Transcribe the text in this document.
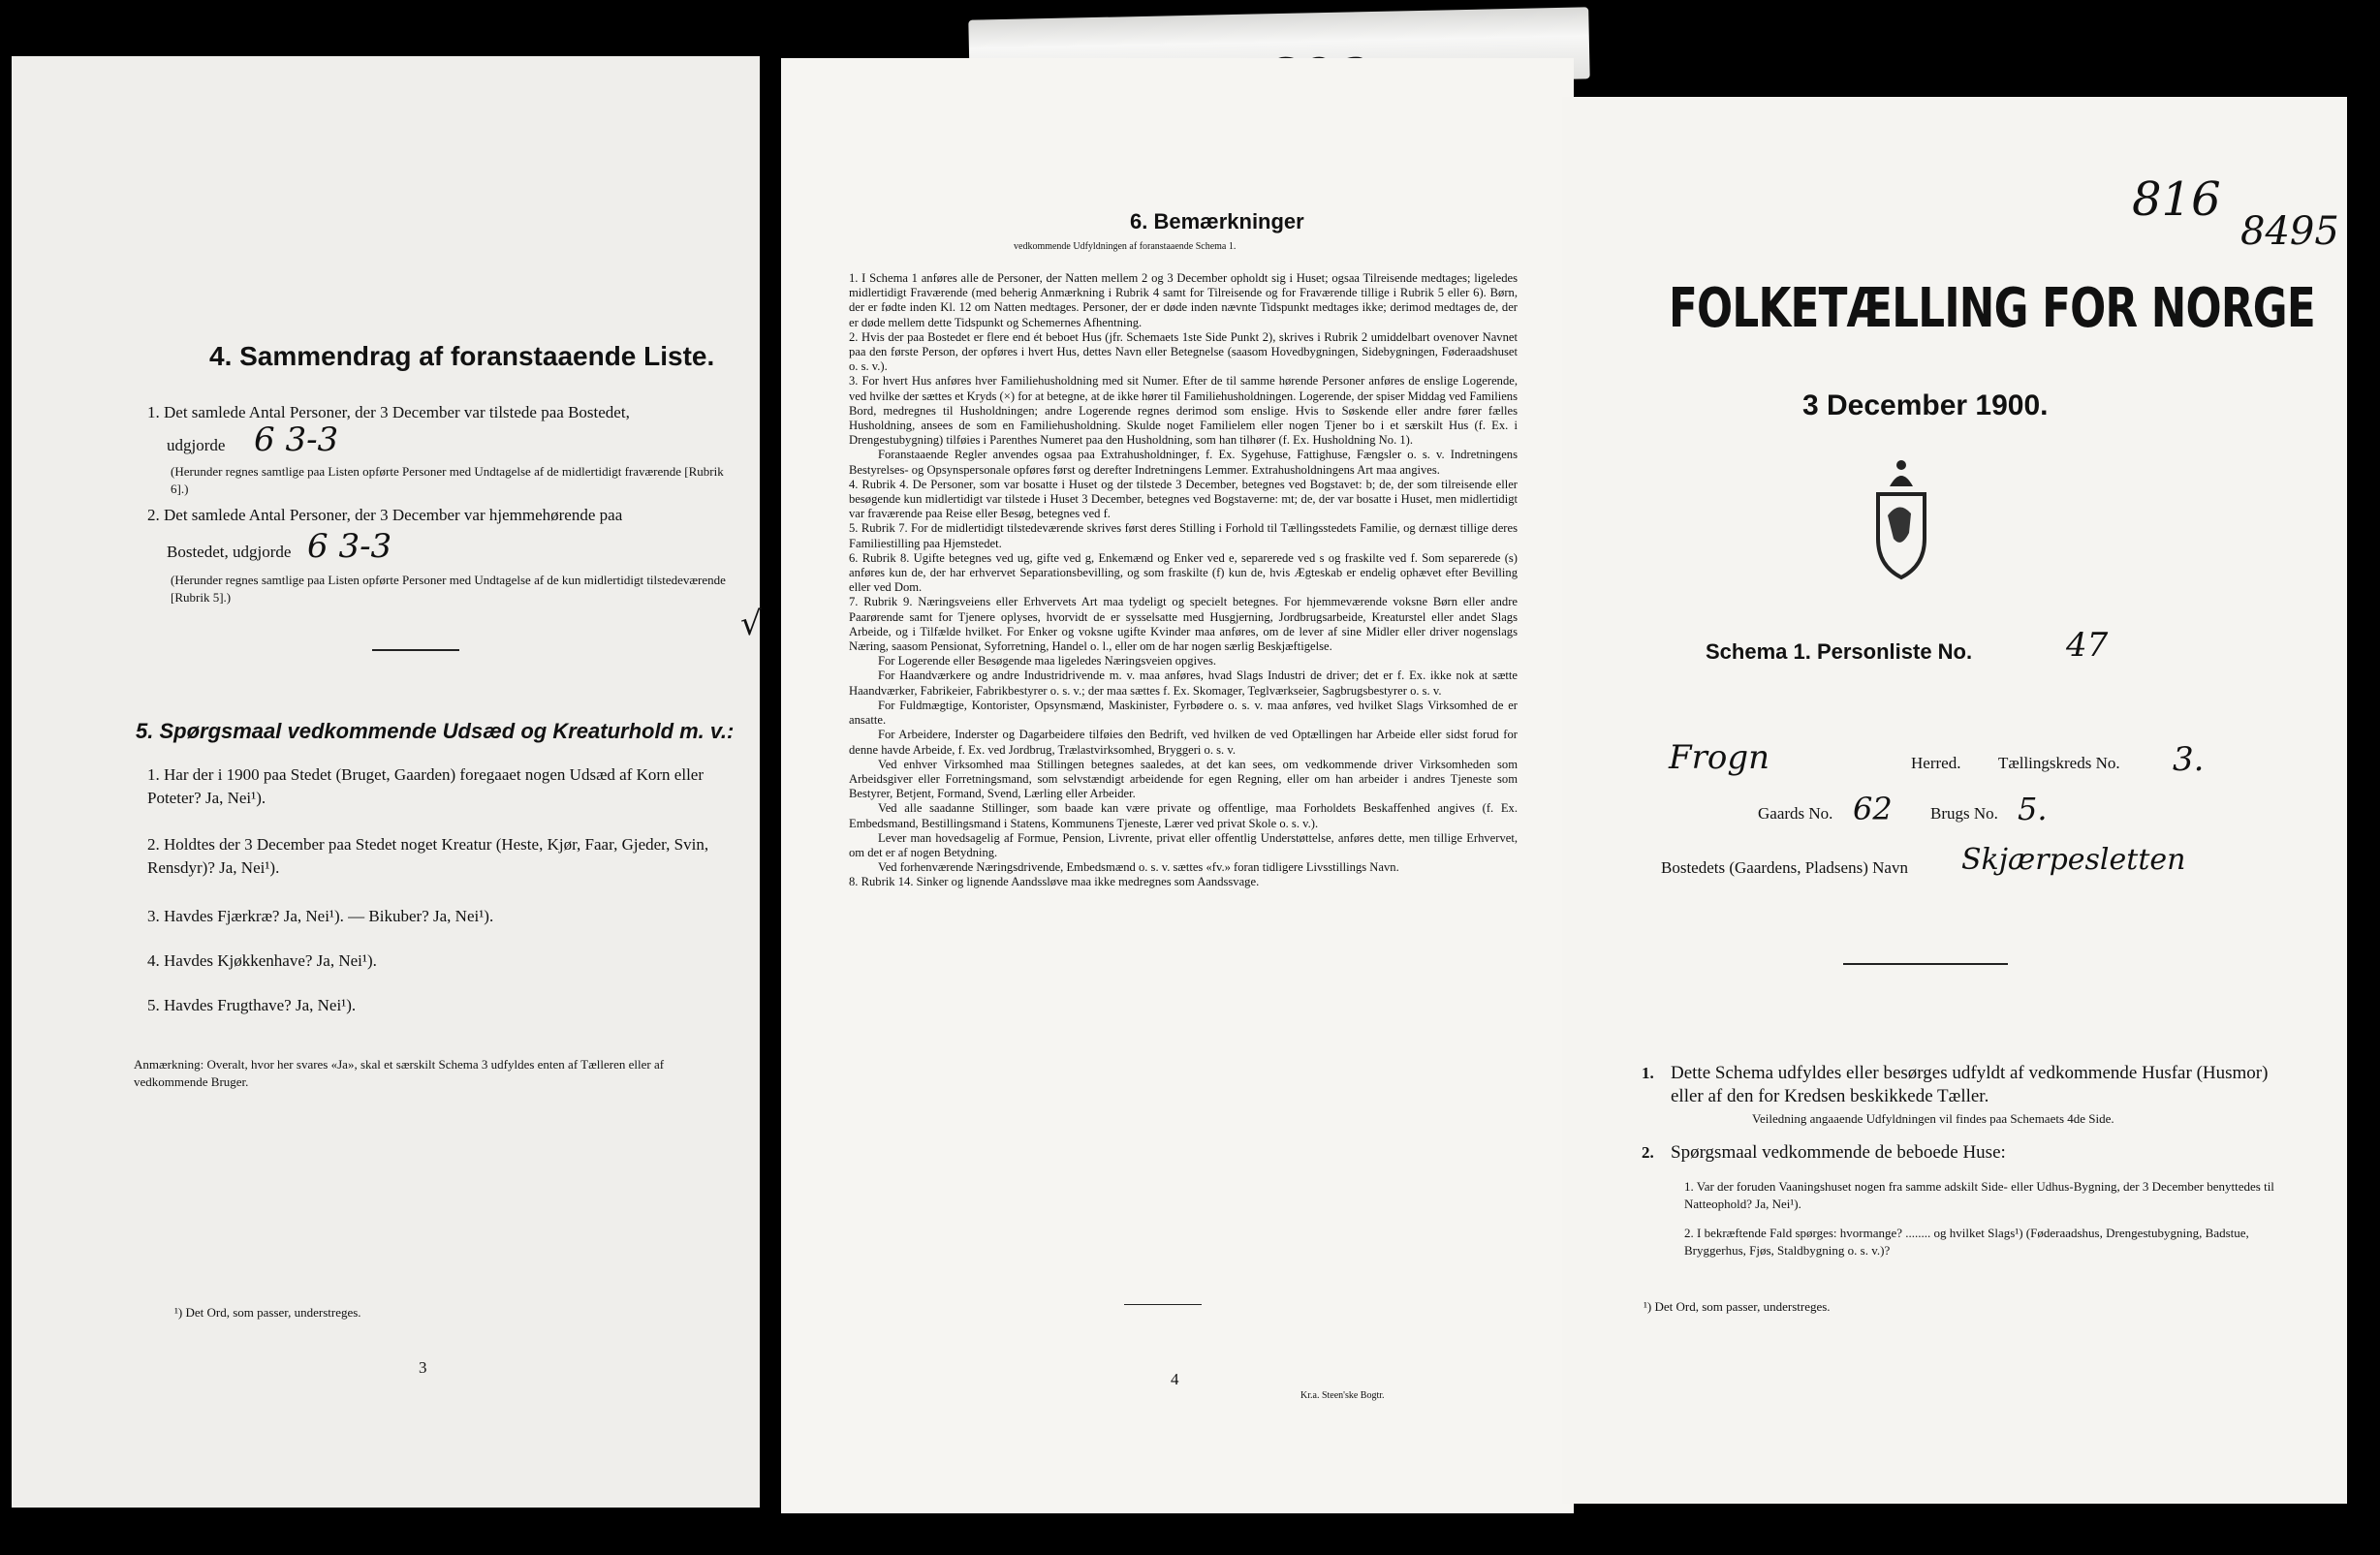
4. Sammendrag af foranstaaende Liste.
1. Det samlede Antal Personer, der 3 December var tilstede paa Bostedet,
udgjorde 6 3-3
(Herunder regnes samtlige paa Listen opførte Personer med Undtagelse af de midlertidigt fraværende [Rubrik 6].)
2. Det samlede Antal Personer, der 3 December var hjemmehørende paa
Bostedet, udgjorde 6 3-3
(Herunder regnes samtlige paa Listen opførte Personer med Undtagelse af de kun midlertidigt tilstedeværende [Rubrik 5].)
√
5. Spørgsmaal vedkommende Udsæd og Kreaturhold m. v.:
1. Har der i 1900 paa Stedet (Bruget, Gaarden) foregaaet nogen Udsæd af Korn eller Poteter? Ja, Nei¹).
2. Holdtes der 3 December paa Stedet noget Kreatur (Heste, Kjør, Faar, Gjeder, Svin, Rensdyr)? Ja, Nei¹).
3. Havdes Fjærkræ? Ja, Nei¹). — Bikuber? Ja, Nei¹).
4. Havdes Kjøkkenhave? Ja, Nei¹).
5. Havdes Frugthave? Ja, Nei¹).
Anmærkning: Overalt, hvor her svares «Ja», skal et særskilt Schema 3 udfyldes enten af Tælleren eller af vedkommende Bruger.
¹) Det Ord, som passer, understreges.
3
6. Bemærkninger
vedkommende Udfyldningen af foranstaaende Schema 1.
1. I Schema 1 anføres alle de Personer, der Natten mellem 2 og 3 December opholdt sig i Huset; ogsaa Tilreisende medtages; ligeledes midlertidigt Fraværende (med beherig Anmærkning i Rubrik 4 samt for Tilreisende og for Fraværende tillige i Rubrik 5 eller 6). Børn, der er fødte inden Kl. 12 om Natten medtages. Personer, der er døde inden nævnte Tidspunkt medtages ikke; derimod medtages de, der er døde mellem dette Tidspunkt og Schemernes Afhentning.
2. Hvis der paa Bostedet er flere end ét beboet Hus (jfr. Schemaets 1ste Side Punkt 2), skrives i Rubrik 2 umiddelbart ovenover Navnet paa den første Person, der opføres i hvert Hus, dettes Navn eller Betegnelse (saasom Hovedbygningen, Sidebygningen, Føderaadshuset o. s. v.).
3. For hvert Hus anføres hver Familiehusholdning med sit Numer. Efter de til samme hørende Personer anføres de enslige Logerende, ved hvilke der sættes et Kryds (×) for at betegne, at de ikke hører til Familiehusholdningen. Logerende, der spiser Middag ved Familiens Bord, medregnes til Husholdningen; andre Logerende regnes derimod som enslige. Hvis to Søskende eller andre fører fælles Husholdning, ansees de som en Familiehusholdning. Skulde noget Familielem eller nogen Tjener bo i et særskilt Hus (f. Ex. i Drengestubygning) tilføies i Parenthes Numeret paa den Husholdning, som han tilhører (f. Ex. Husholdning No. 1).
Foranstaaende Regler anvendes ogsaa paa Extrahusholdninger, f. Ex. Sygehuse, Fattighuse, Fængsler o. s. v. Indretningens Bestyrelses- og Opsynspersonale opføres først og derefter Indretningens Lemmer. Extrahusholdningens Art maa angives.
4. Rubrik 4. De Personer, som var bosatte i Huset og der tilstede 3 December, betegnes ved Bogstavet: b; de, der som tilreisende eller besøgende kun midlertidigt var tilstede i Huset 3 December, betegnes ved Bogstaverne: mt; de, der var bosatte i Huset, men midlertidigt var fraværende paa Reise eller Besøg, betegnes ved f.
5. Rubrik 7. For de midlertidigt tilstedeværende skrives først deres Stilling i Forhold til Tællingsstedets Familie, og dernæst tillige deres Familiestilling paa Hjemstedet.
6. Rubrik 8. Ugifte betegnes ved ug, gifte ved g, Enkemænd og Enker ved e, separerede ved s og fraskilte ved f. Som separerede (s) anføres kun de, der har erhvervet Separationsbevilling, og som fraskilte (f) kun de, hvis Ægteskab er endelig ophævet efter Bevilling eller ved Dom.
7. Rubrik 9. Næringsveiens eller Erhvervets Art maa tydeligt og specielt betegnes. For hjemmeværende voksne Børn eller andre Paarørende samt for Tjenere oplyses, hvorvidt de er sysselsatte med Husgjerning, Jordbrugsarbeide, Kreaturstel eller andet Slags Arbeide, og i Tilfælde hvilket. For Enker og voksne ugifte Kvinder maa anføres, om de lever af sine Midler eller driver nogenslags Næring, saasom Pensionat, Syforretning, Handel o. l., eller om de har nogen særlig Beskjæftigelse.
For Logerende eller Besøgende maa ligeledes Næringsveien opgives.
For Haandværkere og andre Industridrivende m. v. maa anføres, hvad Slags Industri de driver; det er f. Ex. ikke nok at sætte Haandværker, Fabrikeier, Fabrikbestyrer o. s. v.; der maa sættes f. Ex. Skomager, Teglværkseier, Sagbrugsbestyrer o. s. v.
For Fuldmægtige, Kontorister, Opsynsmænd, Maskinister, Fyrbødere o. s. v. maa anføres, ved hvilket Slags Virksomhed de er ansatte.
For Arbeidere, Inderster og Dagarbeidere tilføies den Bedrift, ved hvilken de ved Optællingen har Arbeide eller sidst forud for denne havde Arbeide, f. Ex. ved Jordbrug, Trælastvirksomhed, Bryggeri o. s. v.
Ved enhver Virksomhed maa Stillingen betegnes saaledes, at det kan sees, om vedkommende driver Virksomheden som Arbeidsgiver eller Forretningsmand, som selvstændigt arbeidende for egen Regning, eller om han arbeider i andres Tjeneste som Bestyrer, Betjent, Formand, Svend, Lærling eller Arbeider.
Ved alle saadanne Stillinger, som baade kan være private og offentlige, maa Forholdets Beskaffenhed angives (f. Ex. Embedsmand, Bestillingsmand i Statens, Kommunens Tjeneste, Lærer ved privat Skole o. s. v.).
Lever man hovedsagelig af Formue, Pension, Livrente, privat eller offentlig Understøttelse, anføres dette, men tillige Erhvervet, om det er af nogen Betydning.
Ved forhenværende Næringsdrivende, Embedsmænd o. s. v. sættes «fv.» foran tidligere Livsstillings Navn.
8. Rubrik 14. Sinker og lignende Aandssløve maa ikke medregnes som Aandssvage.
4
Kr.a. Steen'ske Bogtr.
816
8495
FOLKETÆLLING FOR NORGE
3 December 1900.
Schema 1. Personliste No.	47
Frogn	Herred. Tællingskreds No. 3.
Gaards No. 62 Brugs No. 5.
Bostedets (Gaardens, Pladsens) Navn Skjærpesletten
1. Dette Schema udfyldes eller besørges udfyldt af vedkommende Husfar (Husmor) eller af den for Kredsen beskikkede Tæller.
Veiledning angaaende Udfyldningen vil findes paa Schemaets 4de Side.
2. Spørgsmaal vedkommende de beboede Huse:
1. Var der foruden Vaaningshuset nogen fra samme adskilt Side- eller Udhus-Bygning, der 3 December benyttedes til Natteophold? Ja, Nei¹).
2. I bekræftende Fald spørges: hvormange? ........ og hvilket Slags¹) (Føderaadshus, Drengestubygning, Badstue, Bryggerhus, Fjøs, Staldbygning o. s. v.)?
¹) Det Ord, som passer, understreges.
